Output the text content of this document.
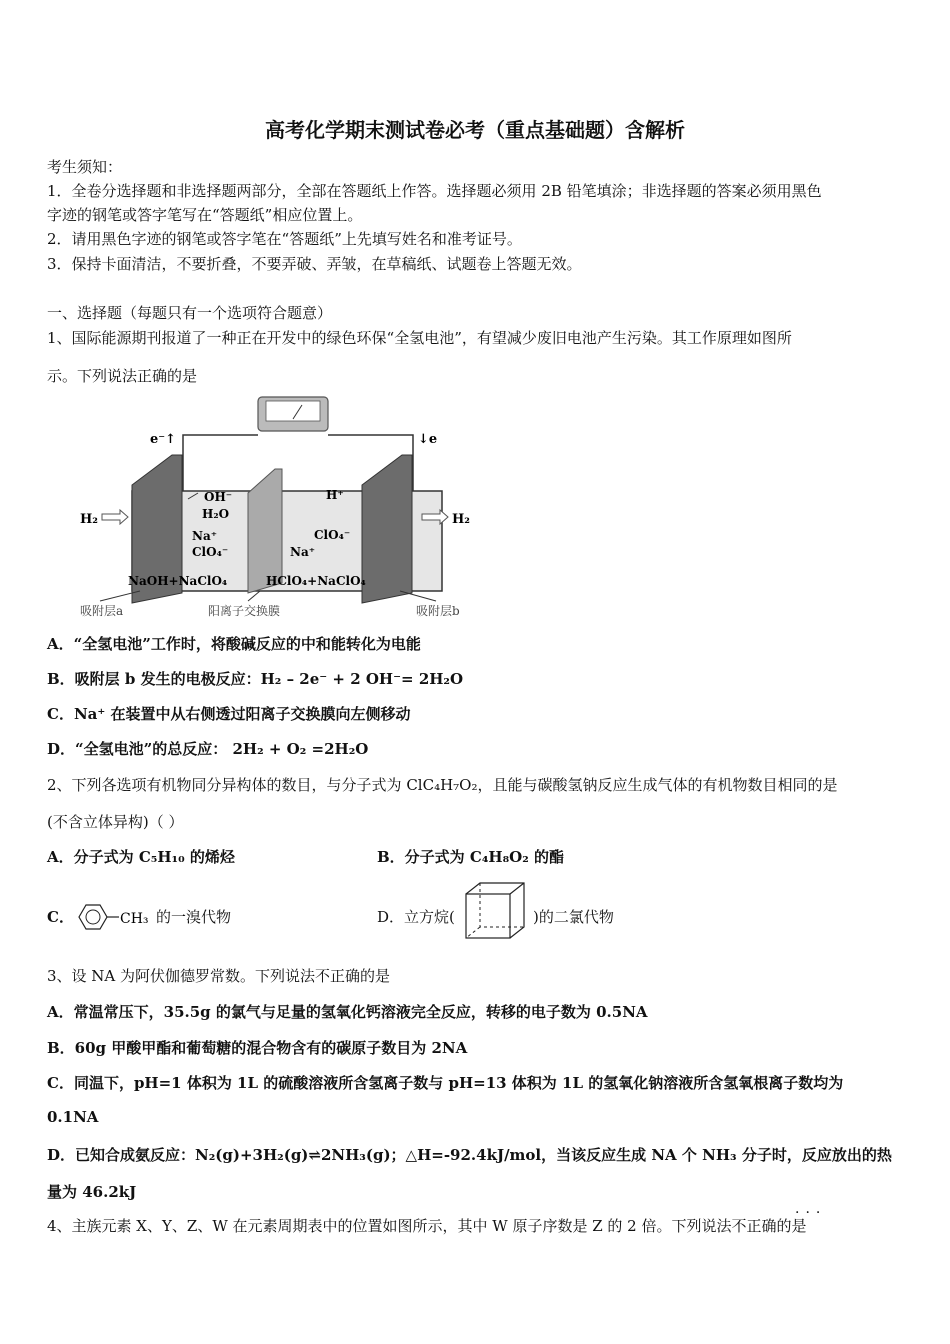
高考化学期末测试卷必考（重点基础题）含解析
考生须知：
1．全卷分选择题和非选择题两部分，全部在答题纸上作答。选择题必须用 2B 铅笔填涂；非选择题的答案必须用黑色
字迹的钢笔或答字笔写在“答题纸”相应位置上。
2．请用黑色字迹的钢笔或答字笔在“答题纸”上先填写姓名和准考证号。
3．保持卡面清洁，不要折叠，不要弄破、弄皱，在草稿纸、试题卷上答题无效。
一、选择题（每题只有一个选项符合题意）
1、国际能源期刊报道了一种正在开发中的绿色环保“全氢电池”，有望减少废旧电池产生污染。其工作原理如图所
示。下列说法正确的是
e⁻↑	↓e
H₂	H₂
OH⁻
H₂O
Na⁺
ClO₄⁻
H⁺
ClO₄⁻
Na⁺
NaOH+NaClO₄	HClO₄+NaClO₄
吸附层a	阳离子交换膜	吸附层b
A．“全氢电池”工作时，将酸碱反应的中和能转化为电能
B．吸附层 b 发生的电极反应：H₂ – 2e⁻ + 2 OH⁻= 2H₂O
C．Na⁺ 在装置中从右侧透过阳离子交换膜向左侧移动
D．“全氢电池”的总反应： 2H₂ + O₂ =2H₂O
2、下列各选项有机物同分异构体的数目，与分子式为 ClC₄H₇O₂，且能与碳酸氢钠反应生成气体的有机物数目相同的是
(不含立体异构)（ ）
A．分子式为 C₅H₁₀ 的烯烃	B．分子式为 C₄H₈O₂ 的酯
C．	CH₃ 的一溴代物	D．立方烷(	)的二氯代物
3、设 NA 为阿伏伽德罗常数。下列说法不正确的是
A．常温常压下，35.5g 的氯气与足量的氢氧化钙溶液完全反应，转移的电子数为 0.5NA
B．60g 甲酸甲酯和葡萄糖的混合物含有的碳原子数目为 2NA
C．同温下，pH=1 体积为 1L 的硫酸溶液所含氢离子数与 pH=13 体积为 1L 的氢氧化钠溶液所含氢氧根离子数均为
0.1NA
D．已知合成氨反应：N₂(g)+3H₂(g)⇌2NH₃(g)；△H=-92.4kJ/mol，当该反应生成 NA 个 NH₃ 分子时，反应放出的热
量为 46.2kJ
···
4、主族元素 X、Y、Z、W 在元素周期表中的位置如图所示，其中 W 原子序数是 Z 的 2 倍。下列说法不正确的是
